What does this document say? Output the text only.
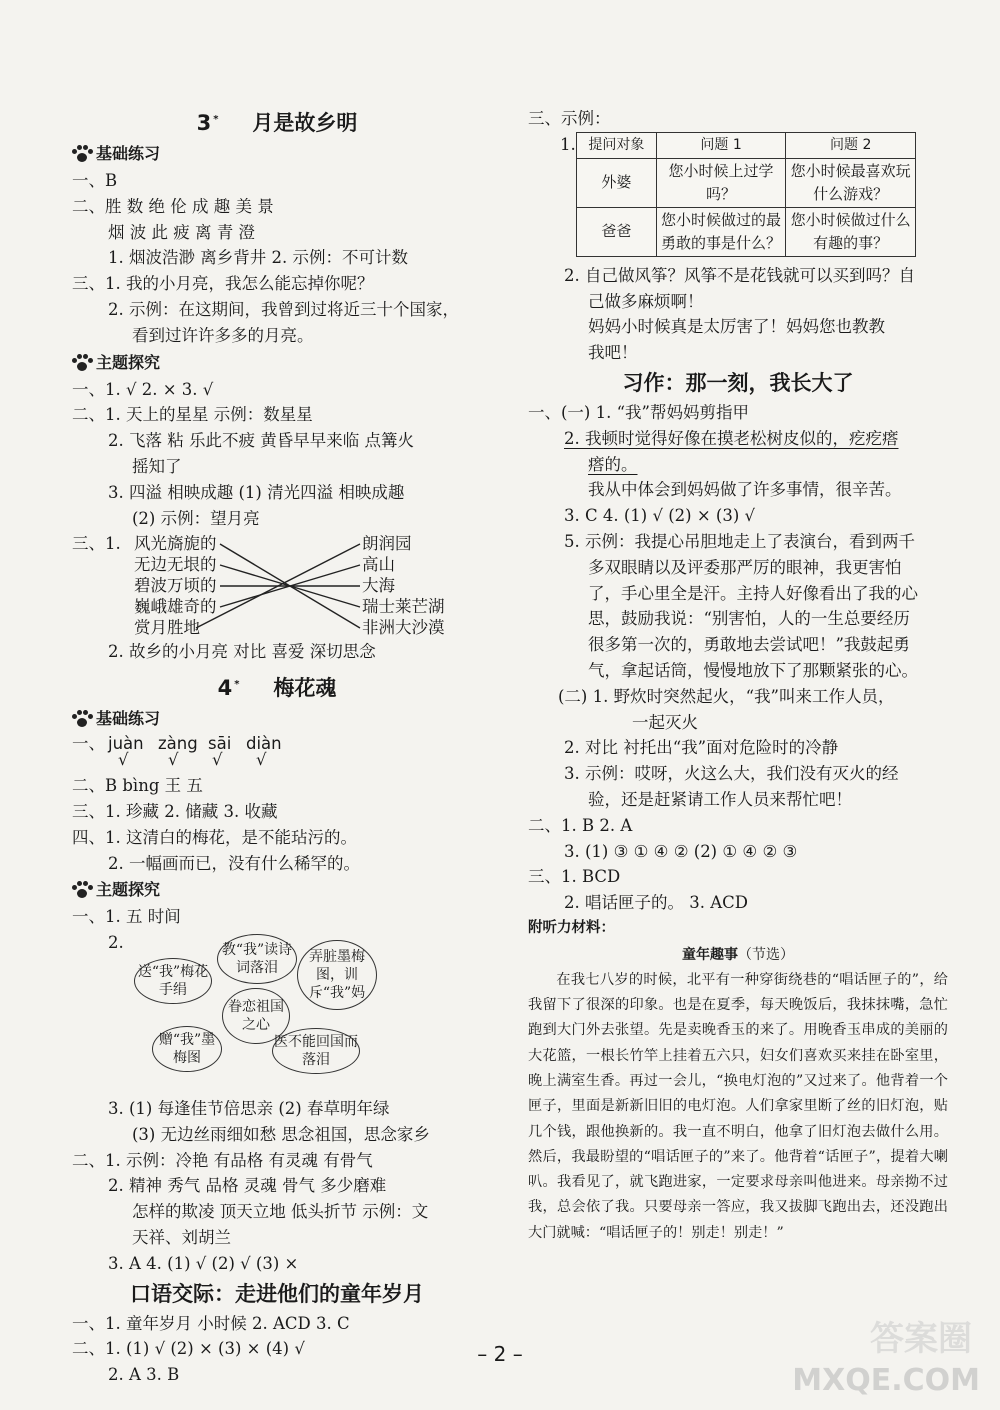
3 * 月是故乡明
基础练习
一、B
二、胜 数 绝 伦 成 趣 美 景
烟 波 此 疲 离 青 澄
1. 烟波浩渺 离乡背井 2. 示例：不可计数
三、1. 我的小月亮，我怎么能忘掉你呢？
2. 示例：在这期间，我曾到过将近三十个国家，
看到过许许多多的月亮。
主题探究
一、1. √ 2. × 3. √
二、1. 天上的星星 示例：数星星
2. 飞落 粘 乐此不疲 黄昏早早来临 点篝火
摇知了
3. 四溢 相映成趣 (1) 清光四溢 相映成趣
(2) 示例：望月亮
三、1. 风光旖旎的
无边无垠的
碧波万顷的
巍峨雄奇的
赏月胜地
朗润园
高山
大海
瑞士莱芒湖
非洲大沙漠
2. 故乡的小月亮 对比 喜爱 深切思念
4 * 梅花魂
基础练习
一、 juàn zàng sāi diàn
√ √ √ √
二、B bìng 王 五
三、1. 珍藏 2. 储藏 3. 收藏
四、1. 这清白的梅花，是不能玷污的。
2. 一幅画而已，没有什么稀罕的。
主题探究
一、1. 五 时间
2.	教“我”读诗词落泪
送“我”梅花手绢
眷恋祖国之心
弄脏墨梅图，训斥“我”妈
赠“我”墨梅图
医不能回国而落泪
3. (1) 每逢佳节倍思亲 (2) 春草明年绿
(3) 无边丝雨细如愁 思念祖国，思念家乡
二、1. 示例：冷艳 有品格 有灵魂 有骨气
2. 精神 秀气 品格 灵魂 骨气 多少磨难
怎样的欺凌 顶天立地 低头折节 示例：文
天祥、刘胡兰
3. A 4. (1) √ (2) √ (3) ×
口语交际：走进他们的童年岁月
一、1. 童年岁月 小时候 2. ACD 3. C
二、1. (1) √ (2) × (3) × (4) √
2. A 3. B
三、示例：
1. 提问对象	问题 1	问题 2
外婆	您小时候上过学吗？	您小时候最喜欢玩什么游戏？
爸爸	您小时候做过的最勇敢的事是什么？	您小时候做过什么有趣的事？
2. 自己做风筝？风筝不是花钱就可以买到吗？自
己做多麻烦啊！
妈妈小时候真是太厉害了！妈妈您也教教
我吧！
习作：那一刻，我长大了
一、(一) 1. “我”帮妈妈剪指甲
2. 我顿时觉得好像在摸老松树皮似的，疙疙瘩
瘩的。
我从中体会到妈妈做了许多事情，很辛苦。
3. C 4. (1) √ (2) × (3) √
5. 示例：我提心吊胆地走上了表演台，看到两千
多双眼睛以及评委那严厉的眼神，我更害怕
了，手心里全是汗。主持人好像看出了我的心
思，鼓励我说：“别害怕，人的一生总要经历
很多第一次的，勇敢地去尝试吧！”我鼓起勇
气，拿起话筒，慢慢地放下了那颗紧张的心。
(二) 1. 野炊时突然起火，“我”叫来工作人员，
一起灭火
2. 对比 衬托出“我”面对危险时的冷静
3. 示例：哎呀，火这么大，我们没有灭火的经
验，还是赶紧请工作人员来帮忙吧！
二、1. B 2. A
3. (1) ③ ① ④ ② (2) ① ④ ② ③
三、1. BCD
2. 唱话匣子的。 3. ACD
附听力材料：
童年趣事（节选）
在我七八岁的时候，北平有一种穿街绕巷的“唱话匣子的”，给我留下了很深的印象。也是在夏季，每天晚饭后，我抹抹嘴，急忙跑到大门外去张望。先是卖晚香玉的来了。用晚香玉串成的美丽的大花篮，一根长竹竿上挂着五六只，妇女们喜欢买来挂在卧室里，晚上满室生香。再过一会儿，“换电灯泡的”又过来了。他背着一个匣子，里面是新新旧旧的电灯泡。人们拿家里断了丝的旧灯泡，贴几个钱，跟他换新的。我一直不明白，他拿了旧灯泡去做什么用。然后，我最盼望的“唱话匣子的”来了。他背着“话匣子”，提着大喇叭。我看见了，就飞跑进家，一定要求母亲叫他进来。母亲拗不过我，总会依了我。只要母亲一答应，我又拔脚飞跑出去，还没跑出大门就喊：“唱话匣子的！别走！别走！”
– 2 –	答案圈
MXQE.COM
